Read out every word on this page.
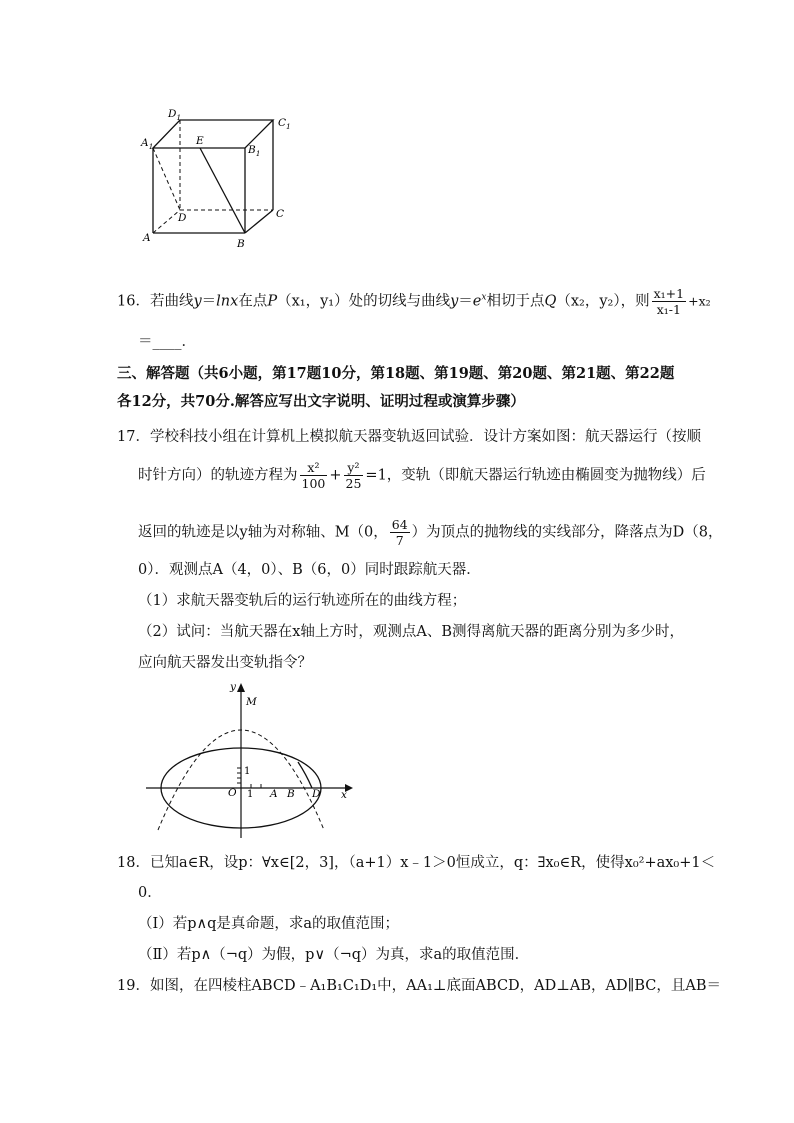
$D_1$	$C_1$
$A_1$	E
$B_1$
D	C
A	B
16．若曲线y＝lnx在点P（x₁，y₁）处的切线与曲线$y=e^x$相切于点Q（x₂，y₂），则 $\frac{\text{x₁+1}}{\text{x₁-1}} +x_2$
＝____．
三、解答题（共6小题，第17题10分，第18题、第19题、第20题、第21题、第22题
各12分，共70分.解答应写出文字说明、证明过程或演算步骤）
17．学校科技小组在计算机上模拟航天器变轨返回试验．设计方案如图：航天器运行（按顺
时针方向）的轨迹方程为 $\frac{\text{x²}}{100} + \frac{\text{y²}}{25} =1$，变轨（即航天器运行轨迹由椭圆变为抛物线）后
返回的轨迹是以y轴为对称轴、M（0， $\frac{64}{7}$ ）为顶点的抛物线的实线部分，降落点为D（8，
0）．观测点A（4，0）、B（6，0）同时跟踪航天器．
（1）求航天器变轨后的运行轨迹所在的曲线方程；
（2）试问：当航天器在x轴上方时，观测点A、B测得离航天器的距离分别为多少时，
应向航天器发出变轨指令？
y
M
1
O 1 A B D x
18．已知a∈R，设p：∀x∈[2，3]，（a+1）x﹣1＞0恒成立，q：∃x₀∈R，使得x₀²+ax₀+1＜
0．
（Ⅰ）若p∧q是真命题，求a的取值范围；
（Ⅱ）若p∧（¬q）为假，p∨（¬q）为真，求a的取值范围．
19．如图，在四棱柱ABCD﹣A₁B₁C₁D₁中，AA₁⊥底面ABCD，AD⊥AB，AD∥BC，且AB＝
